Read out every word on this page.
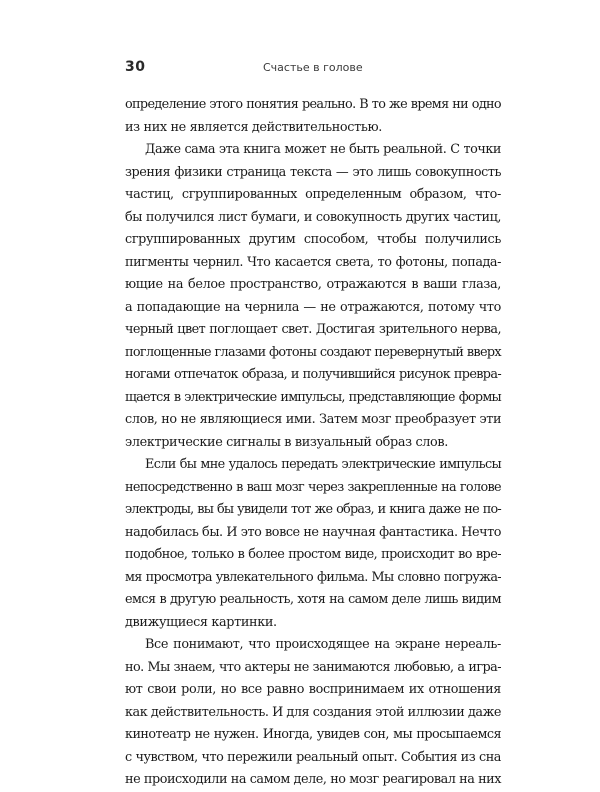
30	Счастье в голове
определение этого понятия реально. В то же время ни одно
из них не является действительностью.
Даже сама эта книга может не быть реальной. С точки
зрения физики страница текста — это лишь совокупность
частиц, сгруппированных определенным образом, что-
бы получился лист бумаги, и совокупность других частиц,
сгруппированных другим способом, чтобы получились
пигменты чернил. Что касается света, то фотоны, попада-
ющие на белое пространство, отражаются в ваши глаза,
а попадающие на чернила — не отражаются, потому что
черный цвет поглощает свет. Достигая зрительного нерва,
поглощенные глазами фотоны создают перевернутый вверх
ногами отпечаток образа, и получившийся рисунок превра-
щается в электрические импульсы, представляющие формы
слов, но не являющиеся ими. Затем мозг преобразует эти
электрические сигналы в визуальный образ слов.
Если бы мне удалось передать электрические импульсы
непосредственно в ваш мозг через закрепленные на голове
электроды, вы бы увидели тот же образ, и книга даже не по-
надобилась бы. И это вовсе не научная фантастика. Нечто
подобное, только в более простом виде, происходит во вре-
мя просмотра увлекательного фильма. Мы словно погружа-
емся в другую реальность, хотя на самом деле лишь видим
движущиеся картинки.
Все понимают, что происходящее на экране нереаль-
но. Мы знаем, что актеры не занимаются любовью, а игра-
ют свои роли, но все равно воспринимаем их отношения
как действительность. И для создания этой иллюзии даже
кинотеатр не нужен. Иногда, увидев сон, мы просыпаемся
с чувством, что пережили реальный опыт. События из сна
не происходили на самом деле, но мозг реагировал на них
